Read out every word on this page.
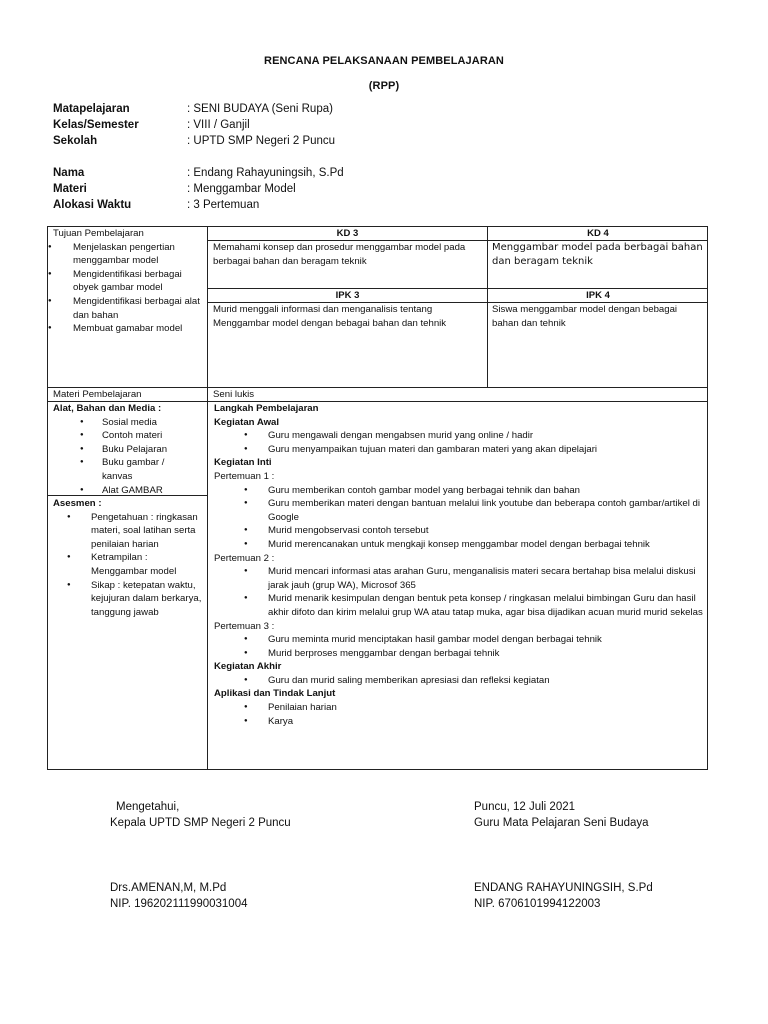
RENCANA PELAKSANAAN PEMBELAJARAN
(RPP)
Matapelajaran	: SENI BUDAYA (Seni Rupa)
Kelas/Semester	: VIII / Ganjil
Sekolah	: UPTD SMP Negeri 2 Puncu
Nama	: Endang Rahayuningsih, S.Pd
Materi	: Menggambar Model
Alokasi Waktu	: 3 Pertemuan
Tujuan Pembelajaran
● Menjelaskan pengertian menggambar model
● Mengidentifikasi berbagai obyek gambar model
● Mengidentifikasi berbagai alat dan bahan
● Membuat gamabar model
KD 3	KD 4
Memahami konsep dan prosedur menggambar model pada berbagai bahan dan beragam teknik
Menggambar model pada berbagai bahan dan beragam teknik
IPK 3	IPK 4
Murid menggali informasi dan menganalisis tentang Menggambar model dengan bebagai bahan dan tehnik
Siswa menggambar model dengan bebagai bahan dan tehnik
Materi Pembelajaran	Seni lukis
Alat, Bahan dan Media :
● Sosial media
● Contoh materi
● Buku Pelajaran
● Buku gambar / kanvas
● Alat GAMBAR
Asesmen :
● Pengetahuan : ringkasan materi, soal latihan serta penilaian harian
● Ketrampilan : Menggambar model
● Sikap : ketepatan waktu, kejujuran dalam berkarya, tanggung jawab
Langkah Pembelajaran
Kegiatan Awal
● Guru mengawali dengan mengabsen murid yang online / hadir
● Guru menyampaikan tujuan materi dan gambaran materi yang akan dipelajari
Kegiatan Inti
Pertemuan 1 :
● Guru memberikan contoh gambar model yang berbagai tehnik dan bahan
● Guru memberikan materi dengan bantuan melalui link youtube dan beberapa contoh gambar/artikel di Google
● Murid mengobservasi contoh tersebut
● Murid merencanakan untuk mengkaji konsep menggambar model dengan berbagai tehnik
Pertemuan 2 :
● Murid mencari informasi atas arahan Guru, menganalisis materi secara bertahap bisa melalui diskusi jarak jauh (grup WA), Microsof 365
● Murid menarik kesimpulan dengan bentuk peta konsep / ringkasan melalui bimbingan Guru dan hasil akhir difoto dan kirim melalui grup WA atau tatap muka, agar bisa dijadikan acuan murid murid sekelas
Pertemuan 3 :
● Guru meminta murid menciptakan hasil gambar model dengan berbagai tehnik
● Murid berproses menggambar dengan berbagai tehnik
Kegiatan Akhir
● Guru dan murid saling memberikan apresiasi dan refleksi kegiatan
Aplikasi dan Tindak Lanjut
● Penilaian harian
● Karya
Mengetahui,
Kepala UPTD SMP Negeri 2 Puncu
Drs.AMENAN,M, M.Pd
NIP. 196202111990031004
Puncu, 12 Juli 2021
Guru Mata Pelajaran Seni Budaya
ENDANG RAHAYUNINGSIH, S.Pd
NIP. 6706101994122003
